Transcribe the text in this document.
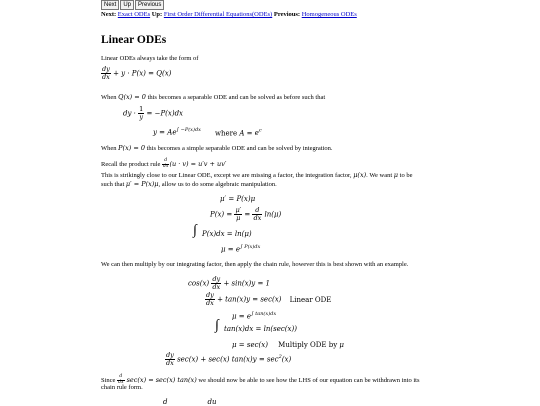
Next Up Previous
Next: Exact ODEs Up: First Order Differential Equations(ODEs) Previous: Homogeneous ODEs
Linear ODEs
Linear ODEs always take the form of
$\frac{dy}{dx} + y \cdot P(x) = Q(x)$
When Q(x) = 0 this becomes a separable ODE and can be solved as before such that
dy · $\frac{1}{y} = -P(x)dx$
$y = Ae^{\int -P(x)dx}$ where $A = e^c$
When P(x) = 0 this becomes a simple separable ODE and can be solved by integration.
Recall the product rule $\frac{d}{dx} (u \cdot v) = u'v + uv'$
This is strikingly close to our Linear ODE, except we are missing a factor, the integration factor, μ(x). We want μ to be
such that μ′ = P(x)μ, allow us to do some algebraic manipulation.
μ′ = P(x)μ
$P(x) = \frac{\mu'}{\mu} = \frac{d}{dx} \ln(\mu)$
∫ P(x)dx = ln(μ)
$\mu = e^{\int P(x)dx}$
We can then multiply by our integrating factor, then apply the chain rule, however this is best shown with an example.
$\cos(x) \frac{dy}{dx} + \sin(x)y = 1$
$\frac{dy}{dx} + \tan(x)y = \sec(x)$ Linear ODE
$\mu = e^{\int tan(x)dx}$
∫ tan(x)dx = ln(sec(x))
μ = sec(x) Multiply ODE by μ
$\frac{dy}{dx} \sec(x) + \sec(x) \tan(x)y = \sec^2(x)$
Since $\frac{d}{dx} \sec(x) = \sec(x)$ tan(x) we should now be able to see how the LHS of our equation can be withdrawn into its
chain rule form.
d	du
